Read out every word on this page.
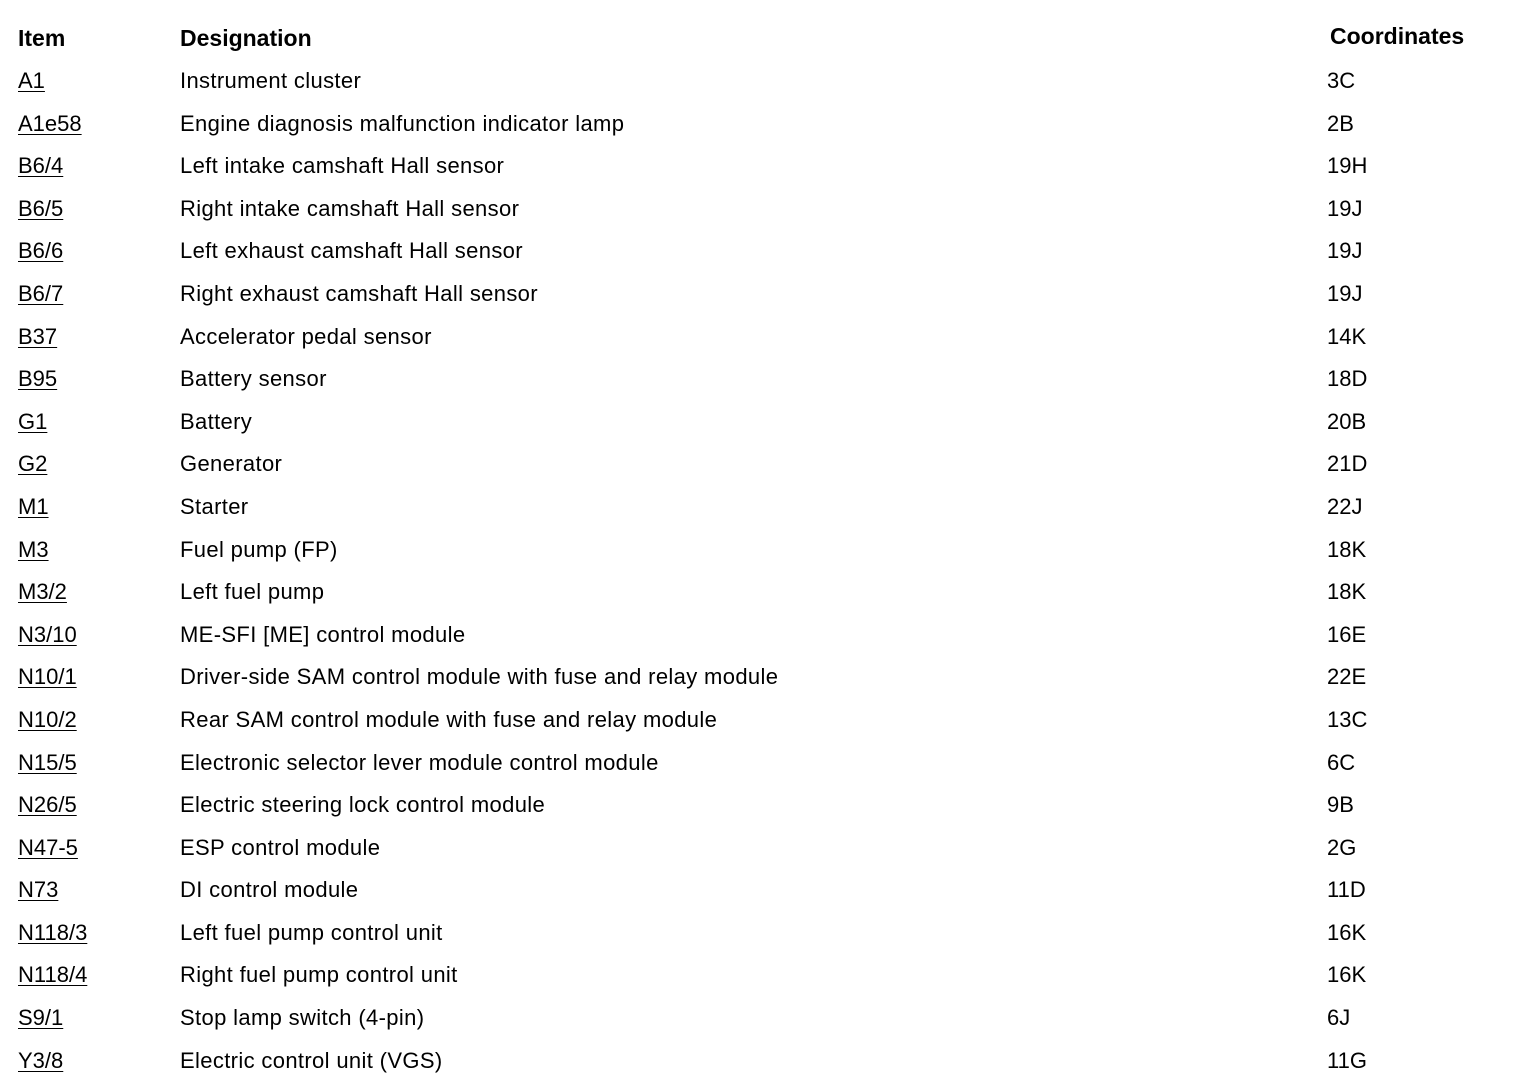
Item	Designation	Coordinates
A1	Instrument cluster	3C
A1e58	Engine diagnosis malfunction indicator lamp	2B
B6/4	Left intake camshaft Hall sensor	19H
B6/5	Right intake camshaft Hall sensor	19J
B6/6	Left exhaust camshaft Hall sensor	19J
B6/7	Right exhaust camshaft Hall sensor	19J
B37	Accelerator pedal sensor	14K
B95	Battery sensor	18D
G1	Battery	20B
G2	Generator	21D
M1	Starter	22J
M3	Fuel pump (FP)	18K
M3/2	Left fuel pump	18K
N3/10	ME-SFI [ME] control module	16E
N10/1	Driver-side SAM control module with fuse and relay module	22E
N10/2	Rear SAM control module with fuse and relay module	13C
N15/5	Electronic selector lever module control module	6C
N26/5	Electric steering lock control module	9B
N47-5	ESP control module	2G
N73	DI control module	11D
N118/3	Left fuel pump control unit	16K
N118/4	Right fuel pump control unit	16K
S9/1	Stop lamp switch (4-pin)	6J
Y3/8	Electric control unit (VGS)	11G
